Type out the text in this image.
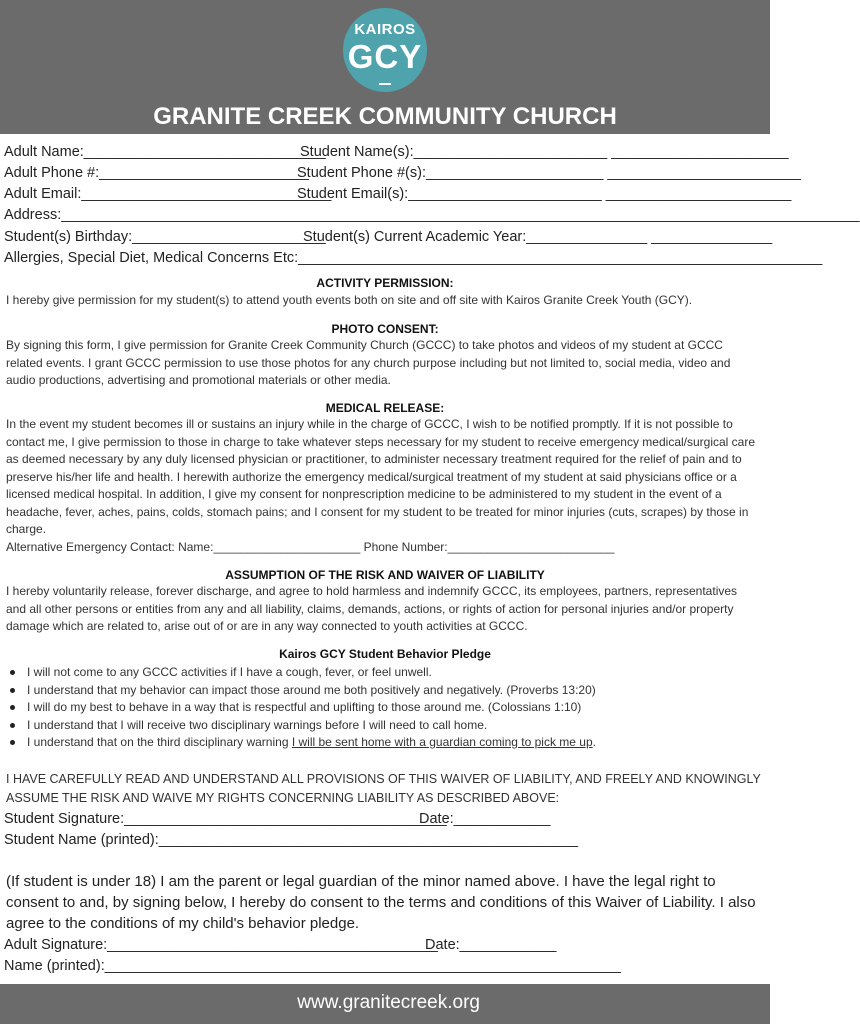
KAIROS
GCY
GRANITE CREEK COMMUNITY CHURCH
Adult Name:______________________________
Student Name(s):________________________ ______________________
Adult Phone #:__________________________
Student Phone #(s):______________________ ________________________
Adult Email:_______________________________
Student Email(s):________________________ _______________________
Address:___________________________________________________________________________________________________
Student(s) Birthday:________________________
Student(s) Current Academic Year:_______________ _______________
Allergies, Special Diet, Medical Concerns Etc:_________________________________________________________________
ACTIVITY PERMISSION:
I hereby give permission for my student(s) to attend youth events both on site and off site with Kairos Granite Creek Youth (GCY).
PHOTO CONSENT:
By signing this form, I give permission for Granite Creek Community Church (GCCC) to take photos and videos of my student at GCCC related events. I grant GCCC permission to use those photos for any church purpose including but not limited to, social media, video and audio productions, advertising and promotional materials or other media.
MEDICAL RELEASE:
In the event my student becomes ill or sustains an injury while in the charge of GCCC, I wish to be notified promptly. If it is not possible to contact me, I give permission to those in charge to take whatever steps necessary for my student to receive emergency medical/surgical care as deemed necessary by any duly licensed physician or practitioner, to administer necessary treatment required for the relief of pain and to preserve his/her life and health. I herewith authorize the emergency medical/surgical treatment of my student at said physicians office or a licensed medical hospital. In addition, I give my consent for nonprescription medicine to be administered to my student in the event of a headache, fever, aches, pains, colds, stomach pains; and I consent for my student to be treated for minor injuries (cuts, scrapes) by those in charge.
Alternative Emergency Contact: Name:______________________ Phone Number:_________________________
ASSUMPTION OF THE RISK AND WAIVER OF LIABILITY
I hereby voluntarily release, forever discharge, and agree to hold harmless and indemnify GCCC, its employees, partners, representatives and all other persons or entities from any and all liability, claims, demands, actions, or rights of action for personal injuries and/or property damage which are related to, arise out of or are in any way connected to youth activities at GCCC.
Kairos GCY Student Behavior Pledge
I will not come to any GCCC activities if I have a cough, fever, or feel unwell.
I understand that my behavior can impact those around me both positively and negatively. (Proverbs 13:20)
I will do my best to behave in a way that is respectful and uplifting to those around me. (Colossians 1:10)
I understand that I will receive two disciplinary warnings before I will need to call home.
I understand that on the third disciplinary warning I will be sent home with a guardian coming to pick me up.
I HAVE CAREFULLY READ AND UNDERSTAND ALL PROVISIONS OF THIS WAIVER OF LIABILITY, AND FREELY AND KNOWINGLY ASSUME THE RISK AND WAIVE MY RIGHTS CONCERNING LIABILITY AS DESCRIBED ABOVE:
Student Signature:________________________________________
Date:____________
Student Name (printed):____________________________________________________
(If student is under 18) I am the parent or legal guardian of the minor named above. I have the legal right to consent to and, by signing below, I hereby do consent to the terms and conditions of this Waiver of Liability. I also agree to the conditions of my child's behavior pledge.
Adult Signature:_________________________________________
Date:____________
Name (printed):________________________________________________________________
www.granitecreek.org
